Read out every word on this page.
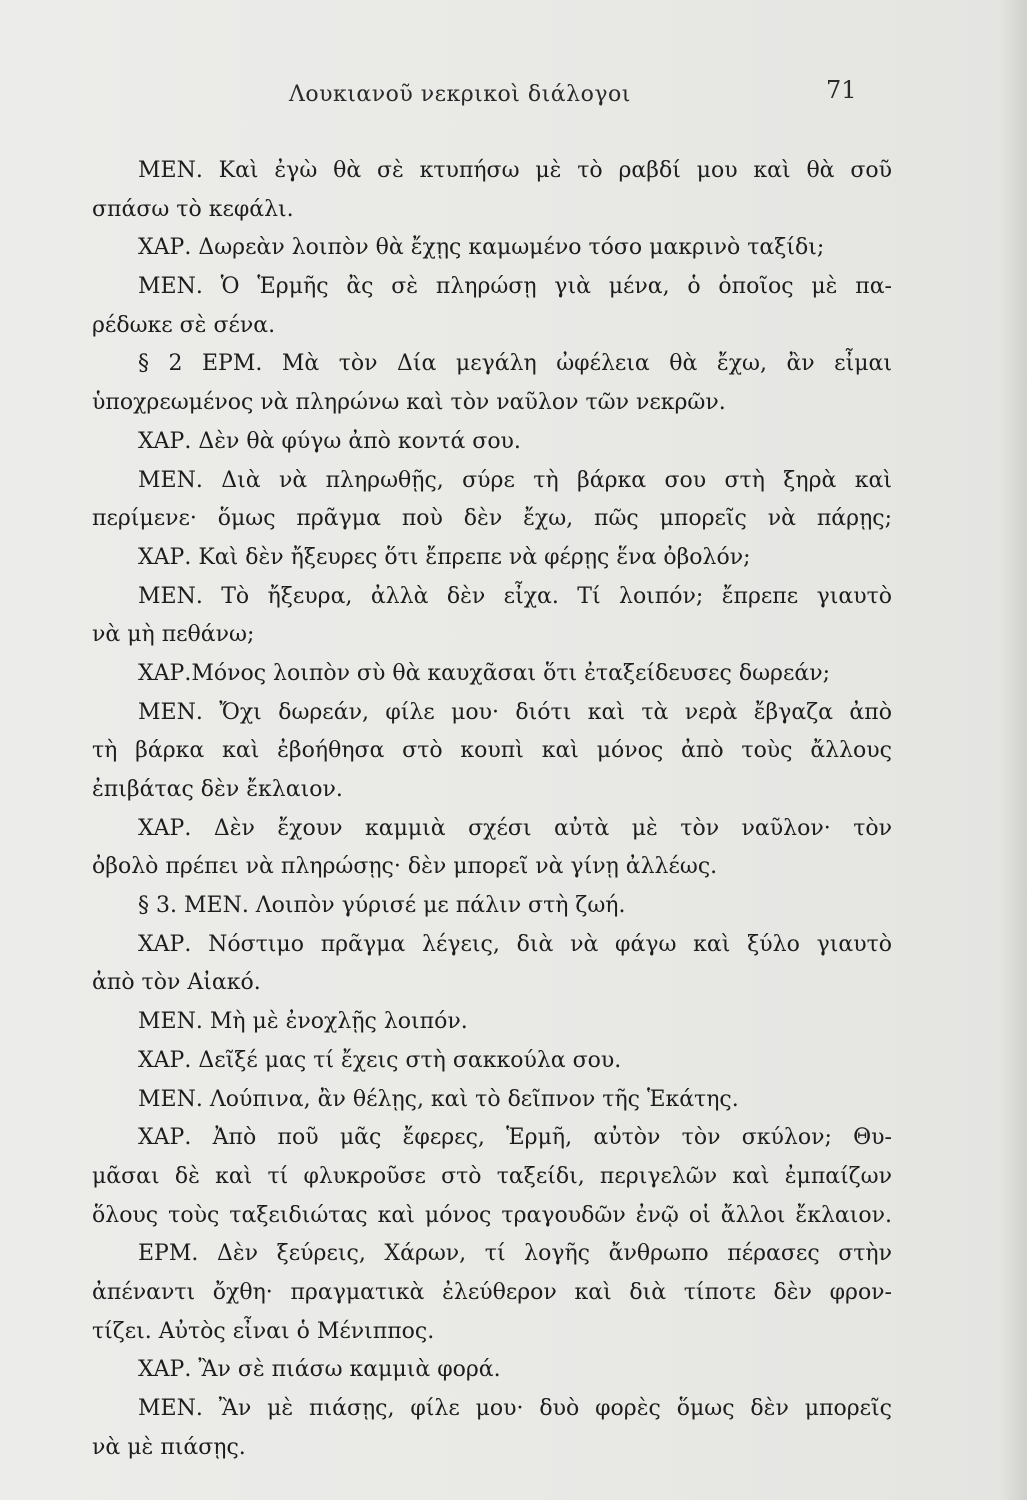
Λουκιανοῦ νεκρικοὶ διάλογοι	71
ΜΕΝ. Καὶ ἐγὼ θὰ σὲ κτυπήσω μὲ τὸ ραβδί μου καὶ θὰ σοῦ
σπάσω τὸ κεφάλι.
ΧΑΡ. Δωρεὰν λοιπὸν θὰ ἔχῃς καμωμένο τόσο μακρινὸ ταξίδι;
ΜΕΝ. Ὁ Ἑρμῆς ἂς σὲ πληρώσῃ γιὰ μένα, ὁ ὁποῖος μὲ πα-
ρέδωκε σὲ σένα.
§ 2 ΕΡΜ. Μὰ τὸν Δία μεγάλη ὠφέλεια θὰ ἔχω, ἂν εἶμαι
ὑποχρεωμένος νὰ πληρώνω καὶ τὸν ναῦλον τῶν νεκρῶν.
ΧΑΡ. Δὲν θὰ φύγω ἀπὸ κοντά σου.
ΜΕΝ. Διὰ νὰ πληρωθῇς, σύρε τὴ βάρκα σου στὴ ξηρὰ καὶ
περίμενε· ὅμως πρᾶγμα ποὺ δὲν ἔχω, πῶς μπορεῖς νὰ πάρῃς;
ΧΑΡ. Καὶ δὲν ἤξευρες ὅτι ἔπρεπε νὰ φέρῃς ἕνα ὀβολόν;
ΜΕΝ. Τὸ ἤξευρα, ἀλλὰ δὲν εἶχα. Τί λοιπόν; ἔπρεπε γιαυτὸ
νὰ μὴ πεθάνω;
ΧΑΡ.Μόνος λοιπὸν σὺ θὰ καυχᾶσαι ὅτι ἐταξείδευσες δωρεάν;
ΜΕΝ. Ὄχι δωρεάν, φίλε μου· διότι καὶ τὰ νερὰ ἔβγαζα ἀπὸ
τὴ βάρκα καὶ ἐβοήθησα στὸ κουπὶ καὶ μόνος ἀπὸ τοὺς ἄλλους
ἐπιβάτας δὲν ἔκλαιον.
ΧΑΡ. Δὲν ἔχουν καμμιὰ σχέσι αὐτὰ μὲ τὸν ναῦλον· τὸν
ὀβολὸ πρέπει νὰ πληρώσῃς· δὲν μπορεῖ νὰ γίνῃ ἀλλέως.
§ 3. ΜΕΝ. Λοιπὸν γύρισέ με πάλιν στὴ ζωή.
ΧΑΡ. Νόστιμο πρᾶγμα λέγεις, διὰ νὰ φάγω καὶ ξύλο γιαυτὸ
ἀπὸ τὸν Αἰακό.
ΜΕΝ. Μὴ μὲ ἐνοχλῇς λοιπόν.
ΧΑΡ. Δεῖξέ μας τί ἔχεις στὴ σακκούλα σου.
ΜΕΝ. Λούπινα, ἂν θέλῃς, καὶ τὸ δεῖπνον τῆς Ἑκάτης.
ΧΑΡ. Ἀπὸ ποῦ μᾶς ἔφερες, Ἑρμῆ, αὐτὸν τὸν σκύλον; Θυ-
μᾶσαι δὲ καὶ τί φλυκροῦσε στὸ ταξείδι, περιγελῶν καὶ ἐμπαίζων
ὅλους τοὺς ταξειδιώτας καὶ μόνος τραγουδῶν ἐνῷ οἱ ἄλλοι ἔκλαιον.
ΕΡΜ. Δὲν ξεύρεις, Χάρων, τί λογῆς ἄνθρωπο πέρασες στὴν
ἀπέναντι ὄχθη· πραγματικὰ ἐλεύθερον καὶ διὰ τίποτε δὲν φρον-
τίζει. Αὐτὸς εἶναι ὁ Μένιππος.
ΧΑΡ. Ἂν σὲ πιάσω καμμιὰ φορά.
ΜΕΝ. Ἂν μὲ πιάσῃς, φίλε μου· δυὸ φορὲς ὅμως δὲν μπορεῖς
νὰ μὲ πιάσῃς.
